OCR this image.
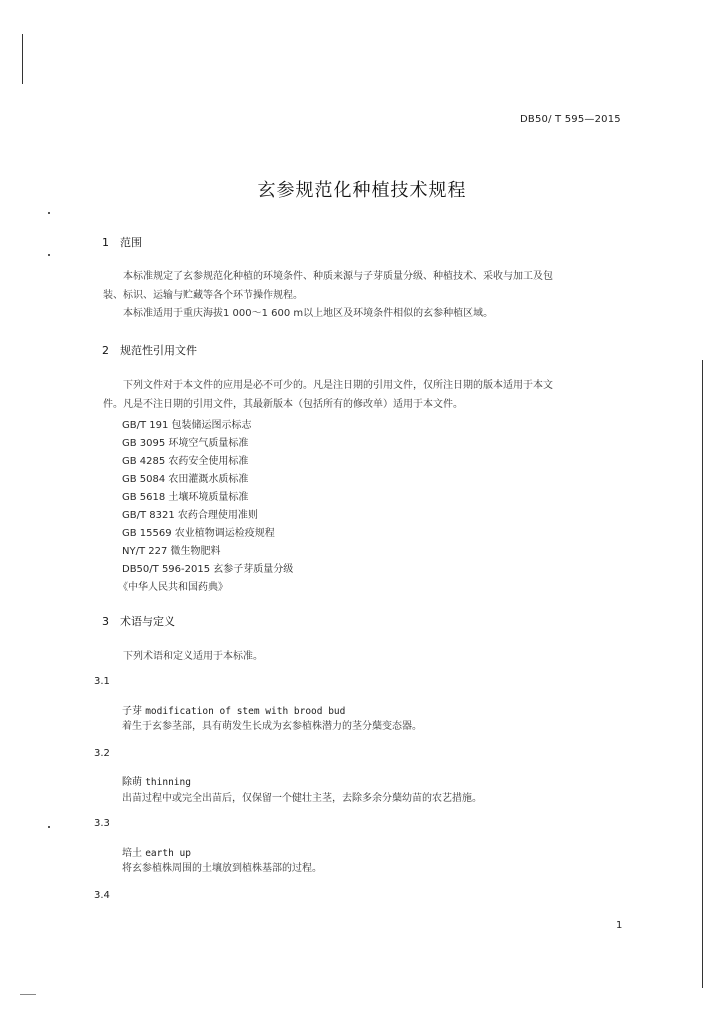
DB50/ T 595—2015
玄参规范化种植技术规程
1 范围
本标准规定了玄参规范化种植的环境条件、种质来源与子芽质量分级、种植技术、采收与加工及包
装、标识、运输与贮藏等各个环节操作规程。
本标准适用于重庆海拔1 000～1 600 m以上地区及环境条件相似的玄参种植区域。
2 规范性引用文件
下列文件对于本文件的应用是必不可少的。凡是注日期的引用文件，仅所注日期的版本适用于本文
件。凡是不注日期的引用文件，其最新版本（包括所有的修改单）适用于本文件。
GB/T 191 包装储运图示标志
GB 3095 环境空气质量标准
GB 4285 农药安全使用标准
GB 5084 农田灌溉水质标准
GB 5618 土壤环境质量标准
GB/T 8321 农药合理使用准则
GB 15569 农业植物调运检疫规程
NY/T 227 微生物肥料
DB50/T 596-2015 玄参子芽质量分级
《中华人民共和国药典》
3 术语与定义
下列术语和定义适用于本标准。
3.1
子芽 modification of stem with brood bud
着生于玄参茎部，具有萌发生长成为玄参植株潜力的茎分蘖变态器。
3.2
除萌 thinning
出苗过程中或完全出苗后，仅保留一个健壮主茎，去除多余分蘖幼苗的农艺措施。
3.3
培土 earth up
将玄参植株周围的土壤放到植株基部的过程。
3.4
1
